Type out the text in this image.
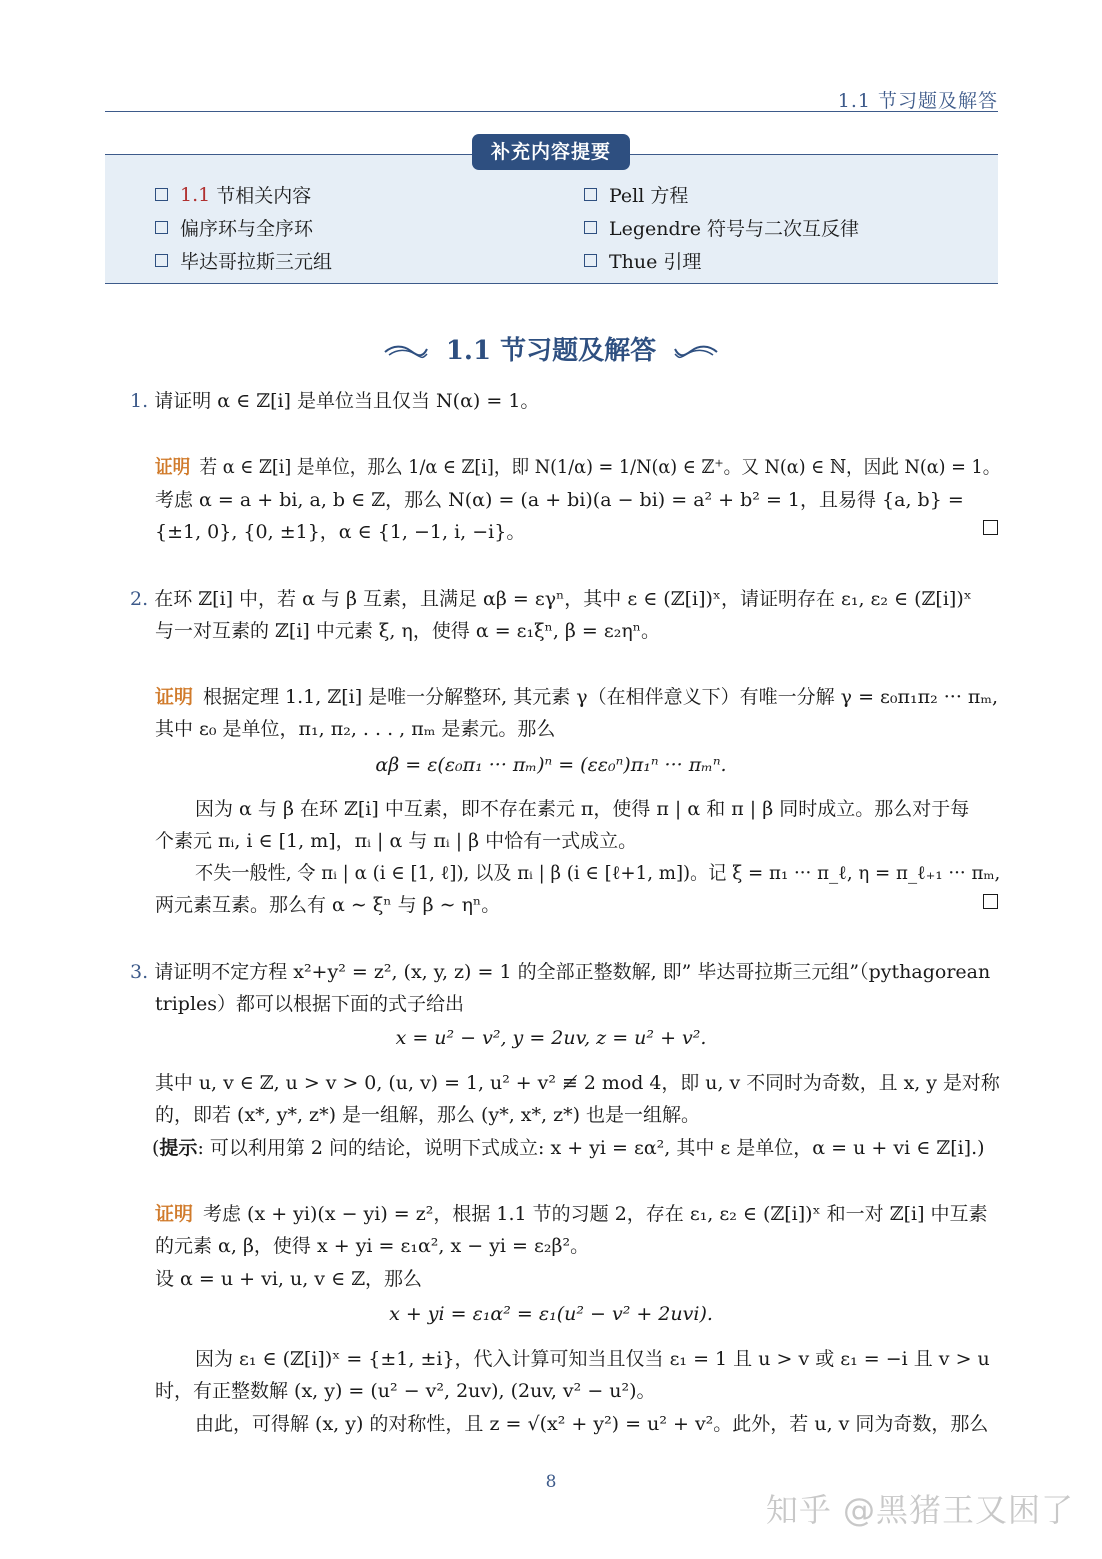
1.1 节习题及解答
补充内容提要
1.1 节相关内容
偏序环与全序环
毕达哥拉斯三元组
Pell 方程
Legendre 符号与二次互反律
Thue 引理
1.1 节习题及解答
1. 请证明 α ∈ ℤ[i] 是单位当且仅当 N(α) = 1。
证明 若 α ∈ ℤ[i] 是单位，那么 1/α ∈ ℤ[i]，即 N(1/α) = 1/N(α) ∈ ℤ⁺。又 N(α) ∈ ℕ，因此 N(α) = 1。
考虑 α = a + bi, a, b ∈ ℤ，那么 N(α) = (a + bi)(a − bi) = a² + b² = 1，且易得 {a, b} =
{±1, 0}, {0, ±1}，α ∈ {1, −1, i, −i}。
2. 在环 ℤ[i] 中，若 α 与 β 互素，且满足 αβ = εγⁿ，其中 ε ∈ (ℤ[i])ˣ，请证明存在 ε₁, ε₂ ∈ (ℤ[i])ˣ
与一对互素的 ℤ[i] 中元素 ξ, η，使得 α = ε₁ξⁿ, β = ε₂ηⁿ。
证明 根据定理 1.1, ℤ[i] 是唯一分解整环, 其元素 γ（在相伴意义下）有唯一分解 γ = ε₀π₁π₂ ··· πₘ,
其中 ε₀ 是单位，π₁, π₂, . . . , πₘ 是素元。那么
αβ = ε(ε₀π₁ ··· πₘ)ⁿ = (εε₀ⁿ)π₁ⁿ ··· πₘⁿ.
因为 α 与 β 在环 ℤ[i] 中互素，即不存在素元 π，使得 π | α 和 π | β 同时成立。那么对于每
个素元 πᵢ, i ∈ [1, m]，πᵢ | α 与 πᵢ | β 中恰有一式成立。
不失一般性, 令 πᵢ | α (i ∈ [1, ℓ]), 以及 πᵢ | β (i ∈ [ℓ+1, m])。记 ξ = π₁ ··· π_ℓ, η = π_ℓ₊₁ ··· πₘ,
两元素互素。那么有 α ∼ ξⁿ 与 β ∼ ηⁿ。
3. 请证明不定方程 x²+y² = z², (x, y, z) = 1 的全部正整数解, 即” 毕达哥拉斯三元组”（pythagorean
triples）都可以根据下面的式子给出
x = u² − v², y = 2uv, z = u² + v².
其中 u, v ∈ ℤ, u > v > 0, (u, v) = 1, u² + v² ≢ 2 mod 4，即 u, v 不同时为奇数，且 x, y 是对称
的，即若 (x*, y*, z*) 是一组解，那么 (y*, x*, z*) 也是一组解。
(提示: 可以利用第 2 问的结论，说明下式成立: x + yi = εα², 其中 ε 是单位，α = u + vi ∈ ℤ[i].)
证明 考虑 (x + yi)(x − yi) = z²，根据 1.1 节的习题 2，存在 ε₁, ε₂ ∈ (ℤ[i])ˣ 和一对 ℤ[i] 中互素
的元素 α, β，使得 x + yi = ε₁α², x − yi = ε₂β²。
设 α = u + vi, u, v ∈ ℤ，那么
x + yi = ε₁α² = ε₁(u² − v² + 2uvi).
因为 ε₁ ∈ (ℤ[i])ˣ = {±1, ±i}，代入计算可知当且仅当 ε₁ = 1 且 u > v 或 ε₁ = −i 且 v > u
时，有正整数解 (x, y) = (u² − v², 2uv), (2uv, v² − u²)。
由此，可得解 (x, y) 的对称性，且 z = √(x² + y²) = u² + v²。此外，若 u, v 同为奇数，那么
8
知乎 @黑猪王又困了
